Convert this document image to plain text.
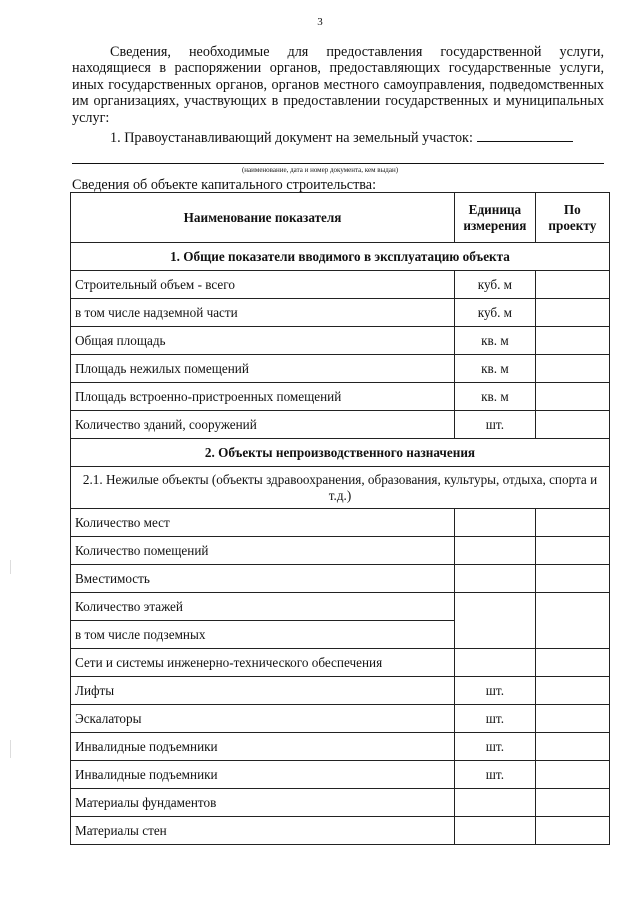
3

Сведения, необходимые для предоставления государственной услуги, находящиеся в распоряжении органов, предоставляющих государственные услуги, иных государственных органов, органов местного самоуправления, подведомственных им организациях, участвующих в предоставлении государственных и муниципальных услуг:

1. Правоустанавливающий документ на земельный участок:
(наименование, дата и номер документа, кем выдан)
Сведения об объекте капитального строительства:
Наименование показателя	Единица измерения	По проекту
1. Общие показатели вводимого в эксплуатацию объекта		
Строительный объем - всего	куб. м	
в том числе надземной части	куб. м	
Общая площадь	кв. м	
Площадь нежилых помещений	кв. м	
Площадь встроенно-пристроенных помещений	кв. м	
Количество зданий, сооружений	шт.	
2. Объекты непроизводственного назначения		
2.1. Нежилые объекты (объекты здравоохранения, образования, культуры, отдыха, спорта и т.д.)		
Количество мест		
Количество помещений		
Вместимость		
Количество этажей		
в том числе подземных		
Сети и системы инженерно-технического обеспечения		
Лифты	шт.	
Эскалаторы	шт.	
Инвалидные подъемники	шт.	
Инвалидные подъемники	шт.	
Материалы фундаментов		
Материалы стен		
